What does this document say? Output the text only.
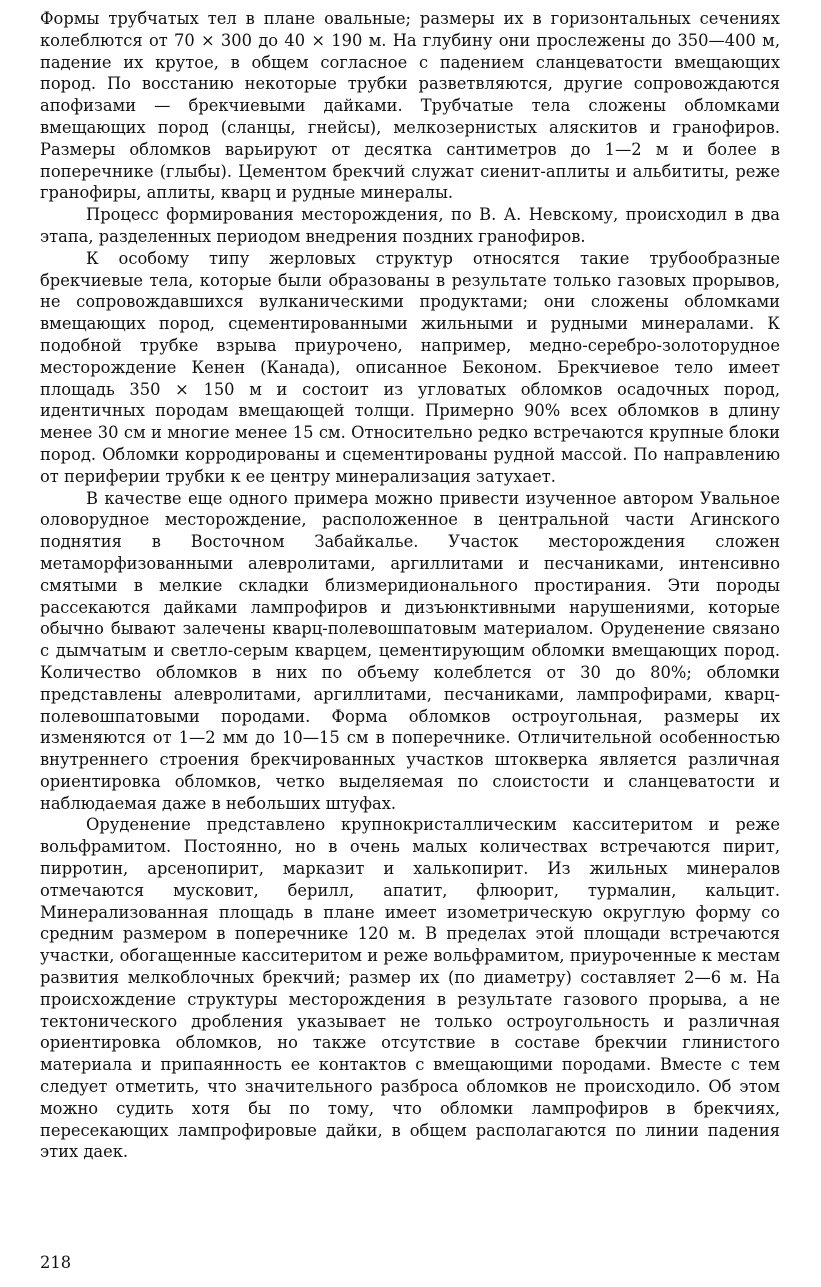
Формы трубчатых тел в плане овальные; размеры их в горизонтальных сечениях колеблются от 70 × 300 до 40 × 190 м. На глубину они прослежены до 350—400 м, падение их крутое, в общем согласное с падением сланцеватости вмещающих пород. По восстанию некоторые трубки разветвляются, другие сопровождаются апофизами — брекчиевыми дайками. Трубчатые тела сложены обломками вмещающих пород (сланцы, гнейсы), мелкозернистых аляскитов и гранофиров. Размеры обломков варьируют от десятка сантиметров до 1—2 м и более в поперечнике (глыбы). Цементом брекчий служат сиенит-аплиты и альбититы, реже гранофиры, аплиты, кварц и рудные минералы.

Процесс формирования месторождения, по В. А. Невскому, происходил в два этапа, разделенных периодом внедрения поздних гранофиров.

К особому типу жерловых структур относятся такие трубообразные брекчиевые тела, которые были образованы в результате только газовых прорывов, не сопровождавшихся вулканическими продуктами; они сложены обломками вмещающих пород, сцементированными жильными и рудными минералами. К подобной трубке взрыва приурочено, например, медно-серебро-золоторудное месторождение Кенен (Канада), описанное Беконом. Брекчиевое тело имеет площадь 350 × 150 м и состоит из угловатых обломков осадочных пород, идентичных породам вмещающей толщи. Примерно 90% всех обломков в длину менее 30 см и многие менее 15 см. Относительно редко встречаются крупные блоки пород. Обломки корродированы и сцементированы рудной массой. По направлению от периферии трубки к ее центру минерализация затухает.

В качестве еще одного примера можно привести изученное автором Увальное оловорудное месторождение, расположенное в центральной части Агинского поднятия в Восточном Забайкалье. Участок месторождения сложен метаморфизованными алевролитами, аргиллитами и песчаниками, интенсивно смятыми в мелкие складки близмеридионального простирания. Эти породы рассекаются дайками лампрофиров и дизъюнктивными нарушениями, которые обычно бывают залечены кварц-полевошпатовым материалом. Оруденение связано с дымчатым и светло-серым кварцем, цементирующим обломки вмещающих пород. Количество обломков в них по объему колеблется от 30 до 80%; обломки представлены алевролитами, аргиллитами, песчаниками, лампрофирами, кварц-полевошпатовыми породами. Форма обломков остроугольная, размеры их изменяются от 1—2 мм до 10—15 см в поперечнике. Отличительной особенностью внутреннего строения брекчированных участков штокверка является различная ориентировка обломков, четко выделяемая по слоистости и сланцеватости и наблюдаемая даже в небольших штуфах.

Оруденение представлено крупнокристаллическим касситеритом и реже вольфрамитом. Постоянно, но в очень малых количествах встречаются пирит, пирротин, арсенопирит, марказит и халькопирит. Из жильных минералов отмечаются мусковит, берилл, апатит, флюорит, турмалин, кальцит. Минерализованная площадь в плане имеет изометрическую округлую форму со средним размером в поперечнике 120 м. В пределах этой площади встречаются участки, обогащенные касситеритом и реже вольфрамитом, приуроченные к местам развития мелкоблочных брекчий; размер их (по диаметру) составляет 2—6 м. На происхождение структуры месторождения в результате газового прорыва, а не тектонического дробления указывает не только остроугольность и различная ориентировка обломков, но также отсутствие в составе брекчии глинистого материала и припаянность ее контактов с вмещающими породами. Вместе с тем следует отметить, что значительного разброса обломков не происходило. Об этом можно судить хотя бы по тому, что обломки лампрофиров в брекчиях, пересекающих лампрофировые дайки, в общем располагаются по линии падения этих даек.

218
